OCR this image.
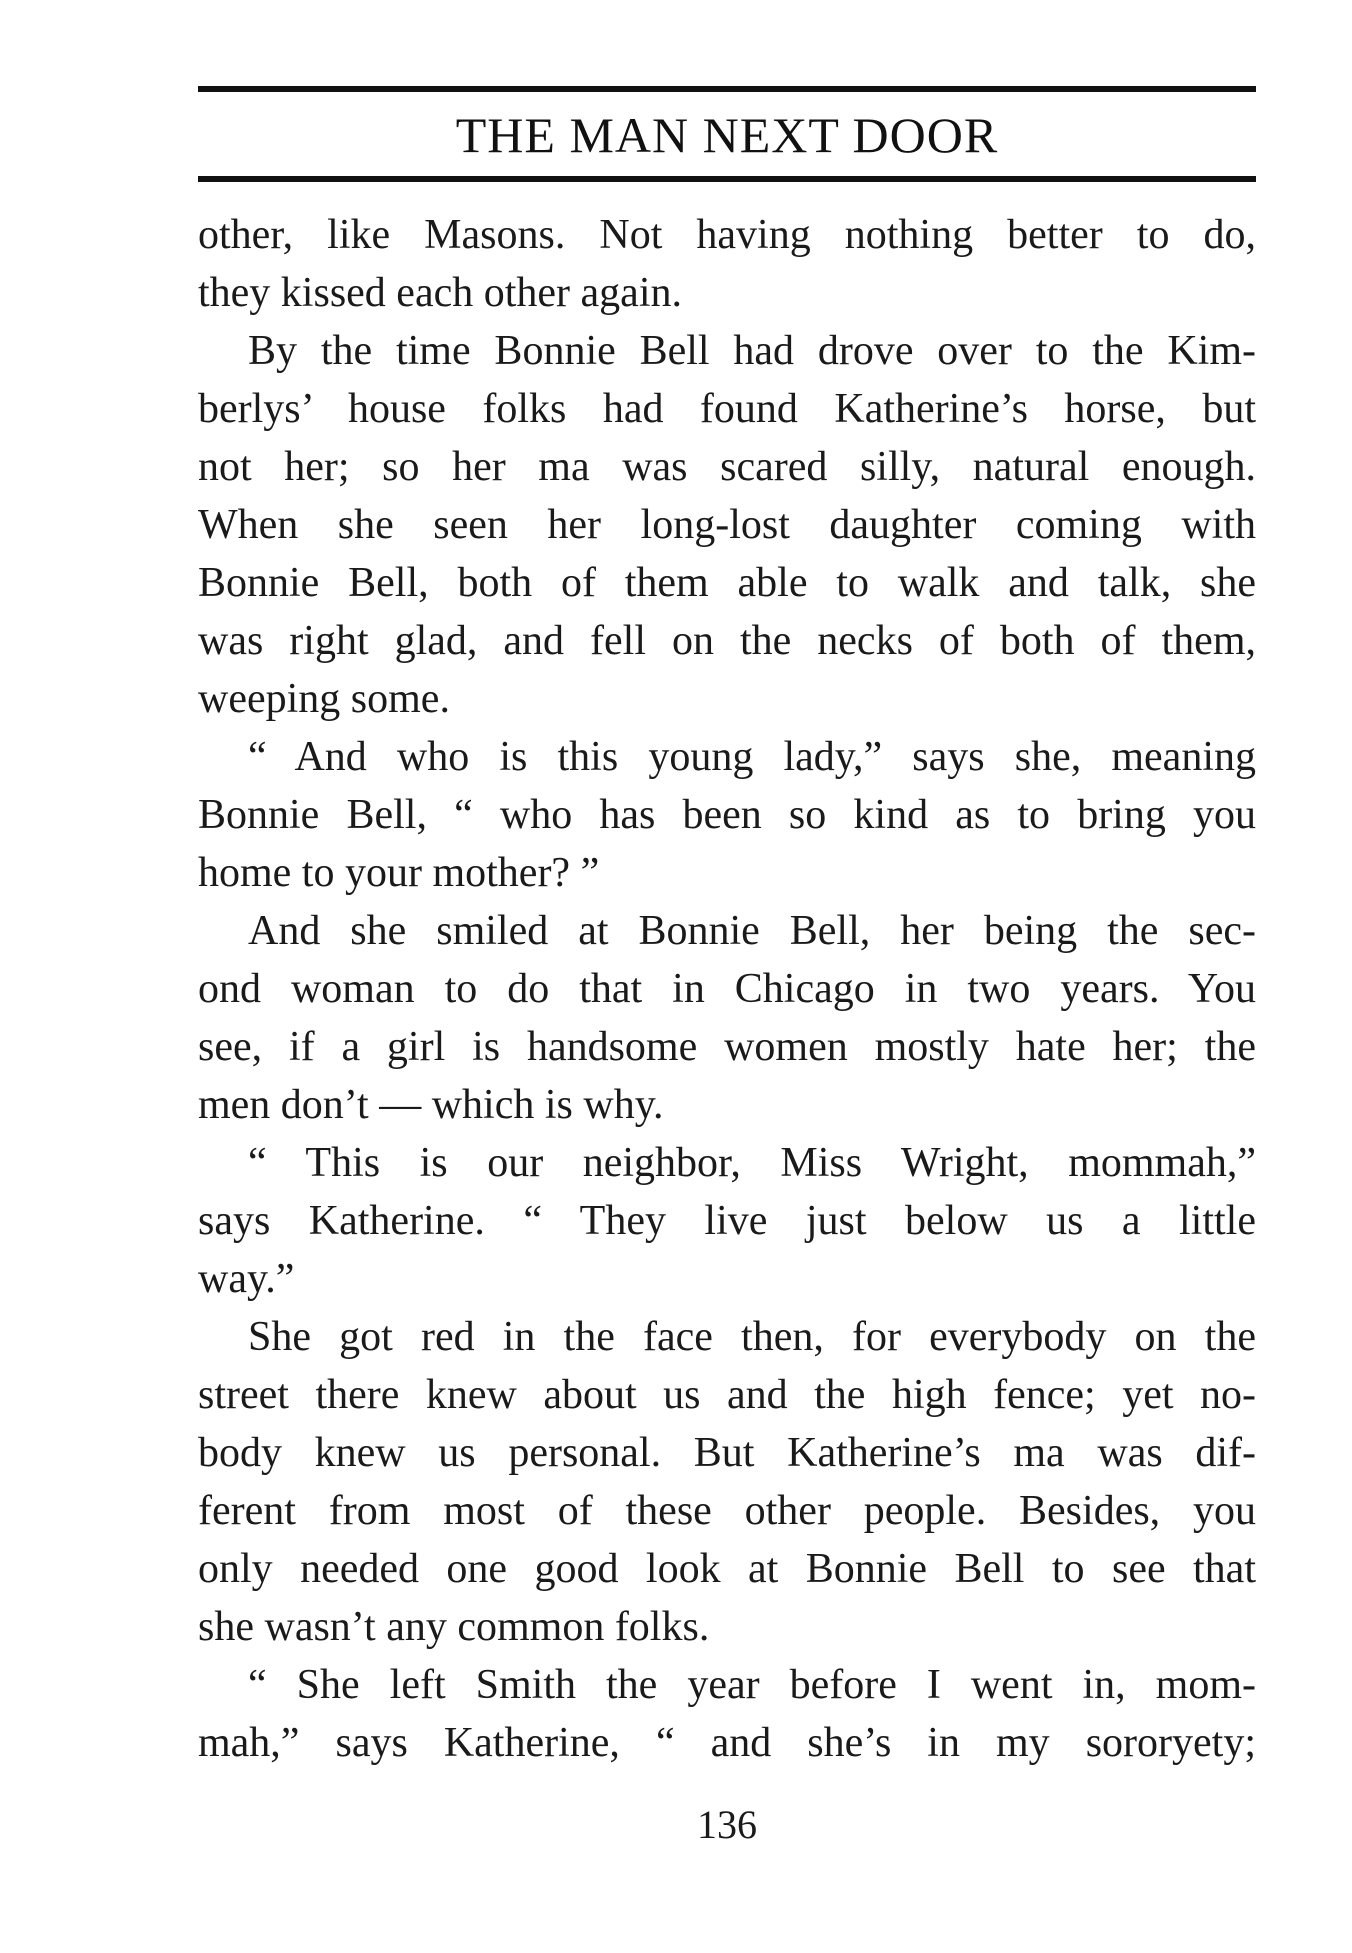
THE MAN NEXT DOOR
other, like Masons. Not having nothing better to do,
they kissed each other again.
By the time Bonnie Bell had drove over to the Kim-
berlys’ house folks had found Katherine’s horse, but
not her; so her ma was scared silly, natural enough.
When she seen her long-lost daughter coming with
Bonnie Bell, both of them able to walk and talk, she
was right glad, and fell on the necks of both of them,
weeping some.
“ And who is this young lady,” says she, meaning
Bonnie Bell, “ who has been so kind as to bring you
home to your mother? ”
And she smiled at Bonnie Bell, her being the sec-
ond woman to do that in Chicago in two years. You
see, if a girl is handsome women mostly hate her; the
men don’t — which is why.
“ This is our neighbor, Miss Wright, mommah,”
says Katherine. “ They live just below us a little
way.”
She got red in the face then, for everybody on the
street there knew about us and the high fence; yet no-
body knew us personal. But Katherine’s ma was dif-
ferent from most of these other people. Besides, you
only needed one good look at Bonnie Bell to see that
she wasn’t any common folks.
“ She left Smith the year before I went in, mom-
mah,” says Katherine, “ and she’s in my sororyety;
136
